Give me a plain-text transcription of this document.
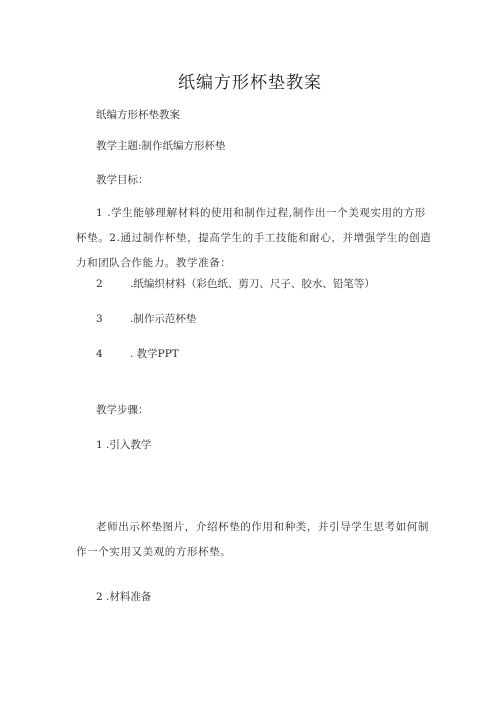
纸编方形杯垫教案
纸编方形杯垫教案
教学主题:制作纸编方形杯垫
教学目标：
1 .学生能够理解材料的使用和制作过程,制作出一个美观实用的方形杯垫。2.通过制作杯垫，提高学生的手工技能和耐心，并增强学生的创造力和团队合作能力。教学准备：
2	.纸编织材料（彩色纸、剪刀、尺子、胶水、铅笔等）
3	.制作示范杯垫
4	. 教学PPT
教学步骤：
1 .引入教学
老师出示杯垫图片，介绍杯垫的作用和种类，并引导学生思考如何制作一个实用又美观的方形杯垫。
2 .材料准备
